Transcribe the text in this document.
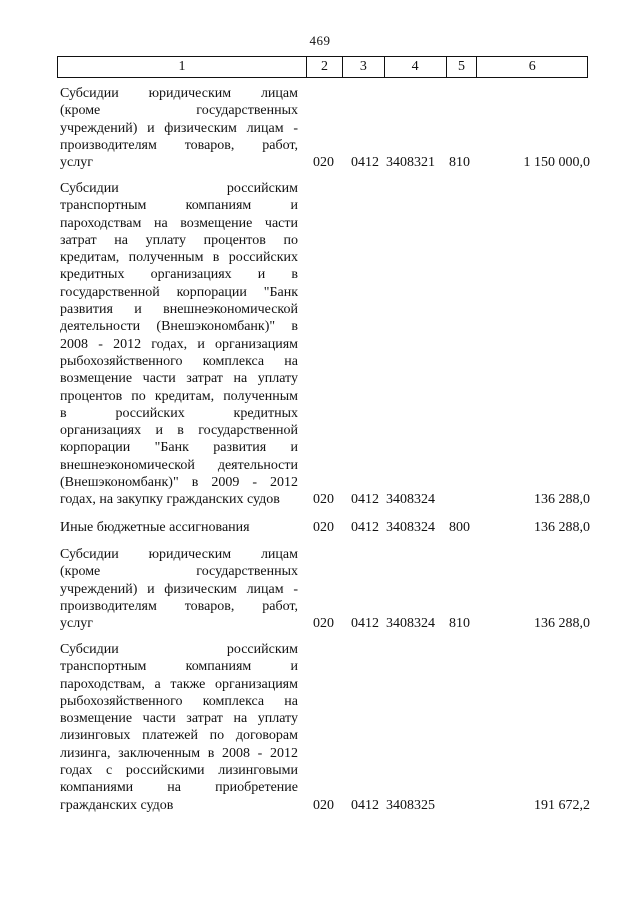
469
1	2	3	4	5	6
Субсидии юридическим лицам
(кроме государственных
учреждений) и физическим лицам -
производителям товаров, работ,
услуг	020 0412 3408321 810	1 150 000,0
Субсидии российским
транспортным компаниям и
пароходствам на возмещение части
затрат на уплату процентов по
кредитам, полученным в российских
кредитных организациях и в
государственной корпорации "Банк
развития и внешнеэкономической
деятельности (Внешэкономбанк)" в
2008 - 2012 годах, и организациям
рыбохозяйственного комплекса на
возмещение части затрат на уплату
процентов по кредитам, полученным
в российских кредитных
организациях и в государственной
корпорации "Банк развития и
внешнеэкономической деятельности
(Внешэкономбанк)" в 2009 - 2012
годах, на закупку гражданских судов	020 0412 3408324	136 288,0
Иные бюджетные ассигнования	020 0412 3408324 800	136 288,0
Субсидии юридическим лицам
(кроме государственных
учреждений) и физическим лицам -
производителям товаров, работ,
услуг	020 0412 3408324 810	136 288,0
Субсидии российским
транспортным компаниям и
пароходствам, а также организациям
рыбохозяйственного комплекса на
возмещение части затрат на уплату
лизинговых платежей по договорам
лизинга, заключенным в 2008 - 2012
годах с российскими лизинговыми
компаниями на приобретение
гражданских судов	020 0412 3408325	191 672,2
